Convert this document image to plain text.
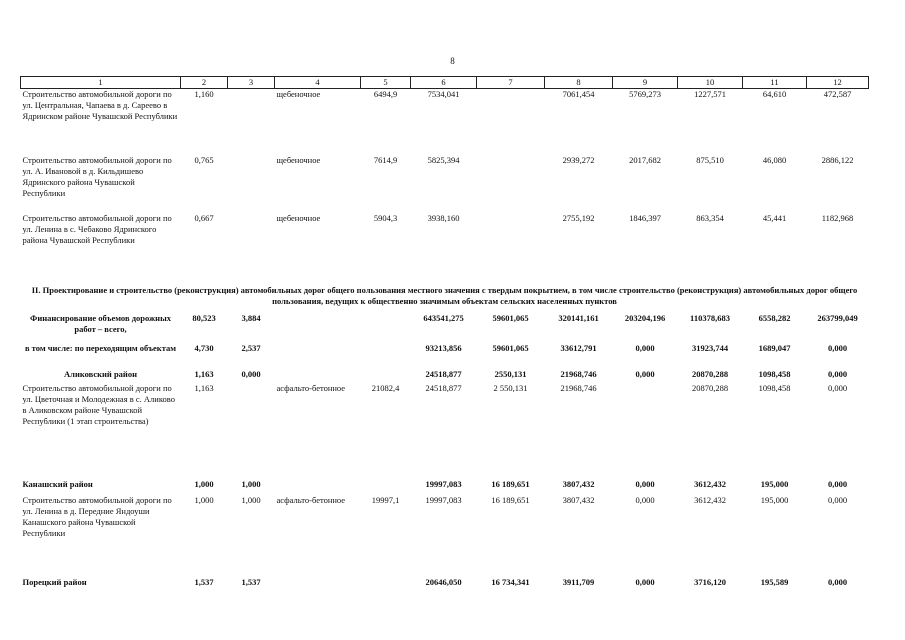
8
1	2	3	4	5	6	7	8	9	10	11	12
Строительство автомобильной дороги по ул. Центральная, Чапаева в д. Сареево в Ядринском районе Чувашской Республики	1,160		щебеночное	6494,9	7534,041		7061,454	5769,273	1227,571	64,610	472,587
Строительство автомобильной дороги по ул. А. Ивановой в д. Кильдишево Ядринского района Чувашской Республики	0,765		щебеночное	7614,9	5825,394		2939,272	2017,682	875,510	46,080	2886,122
Строительство автомобильной дороги по ул. Ленина в с. Чебаково Ядринского района Чувашской Республики	0,667		щебеночное	5904,3	3938,160		2755,192	1846,397	863,354	45,441	1182,968
II. Проектирование и строительство (реконструкция) автомобильных дорог общего пользования местного значения с твердым покрытием, в том числе строительство (реконструкция) автомобильных дорог общего пользования, ведущих к общественно значимым объектам сельских населенных пунктов											
Финансирование объемов дорожных работ – всего,	80,523	3,884			643541,275	59601,065	320141,161	203204,196	110378,683	6558,282	263799,049
в том числе: по переходящим объектам	4,730	2,537			93213,856	59601,065	33612,791	0,000	31923,744	1689,047	0,000
Аликовский район	1,163	0,000			24518,877	2550,131	21968,746	0,000	20870,288	1098,458	0,000
Строительство автомобильной дороги по ул. Цветочная и Молодежная в с. Аликово в Аликовском районе Чувашской Республики (1 этап строительства)	1,163		асфальто-бетонное	21082,4	24518,877	2 550,131	21968,746		20870,288	1098,458	0,000
Канашский район	1,000	1,000			19997,083	16 189,651	3807,432	0,000	3612,432	195,000	0,000
Строительство автомобильной дороги по ул. Ленина в д. Передние Яндоуши Канашского района Чувашской Республики	1,000	1,000	асфальто-бетонное	19997,1	19997,083	16 189,651	3807,432	0,000	3612,432	195,000	0,000
Порецкий район	1,537	1,537			20646,050	16 734,341	3911,709	0,000	3716,120	195,589	0,000
